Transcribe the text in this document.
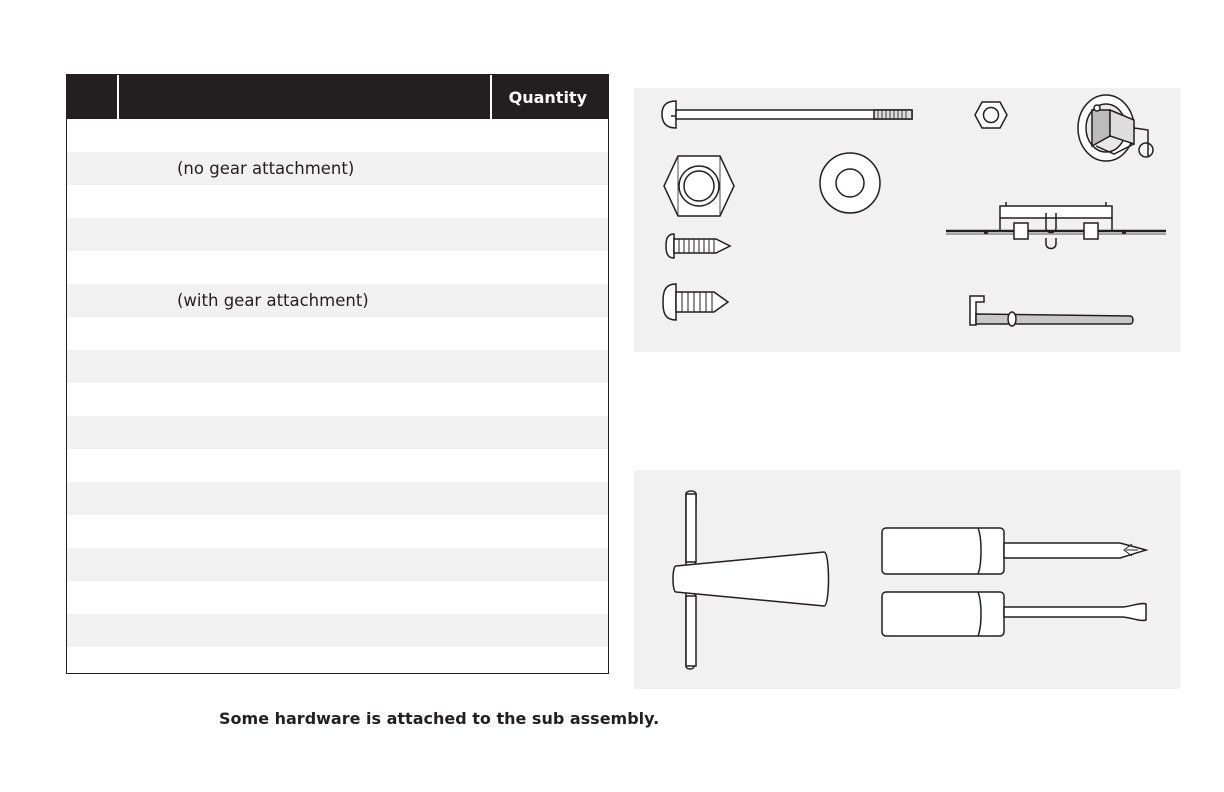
Quantity
(no gear attachment)
(with gear attachment)
Some hardware is attached to the sub assembly.
